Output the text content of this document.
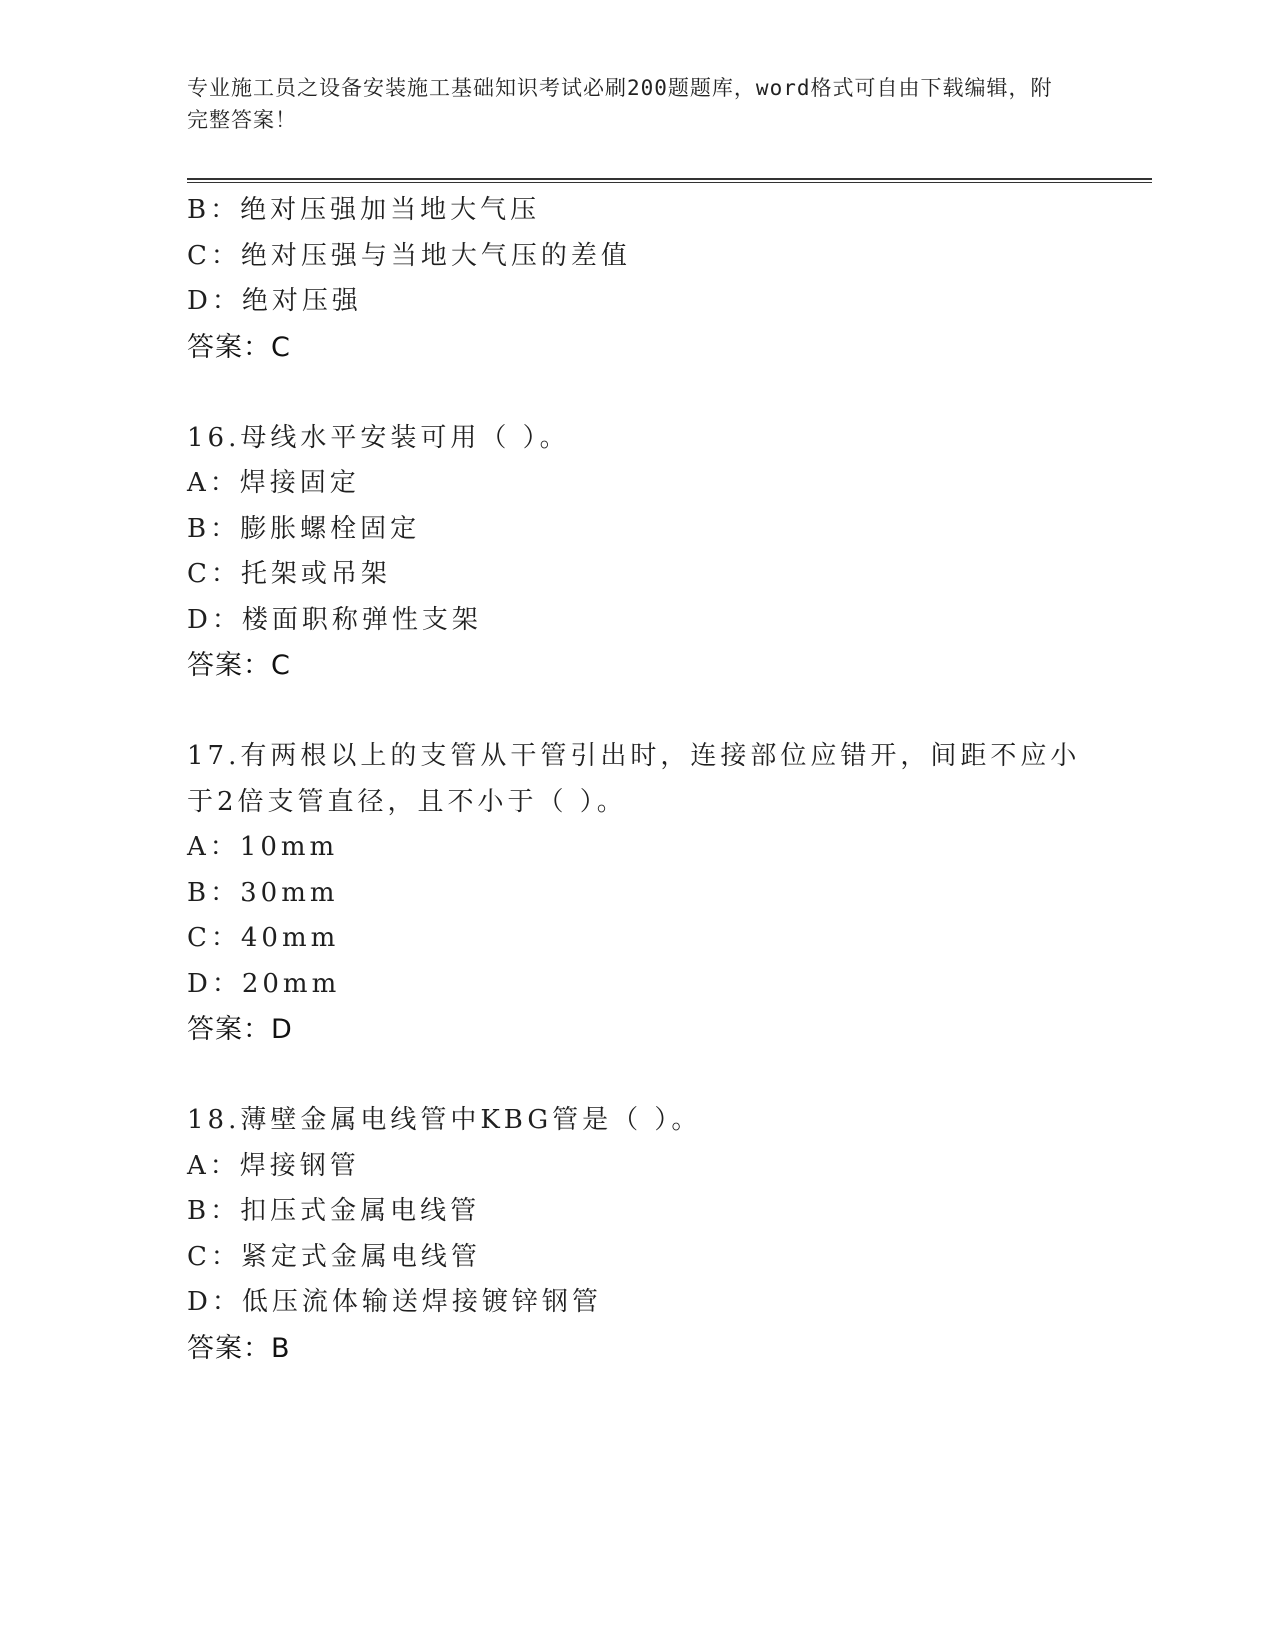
专业施工员之设备安装施工基础知识考试必刷200题题库，word格式可自由下载编辑，附完整答案！
B：绝对压强加当地大气压
C：绝对压强与当地大气压的差值
D：绝对压强
答案：C
16.母线水平安装可用（ ）。
A：焊接固定
B：膨胀螺栓固定
C：托架或吊架
D：楼面职称弹性支架
答案：C
17.有两根以上的支管从干管引出时，连接部位应错开，间距不应小于2倍支管直径，且不小于（ ）。
A：10mm
B：30mm
C：40mm
D：20mm
答案：D
18.薄壁金属电线管中KBG管是（ ）。
A：焊接钢管
B：扣压式金属电线管
C：紧定式金属电线管
D：低压流体输送焊接镀锌钢管
答案：B
